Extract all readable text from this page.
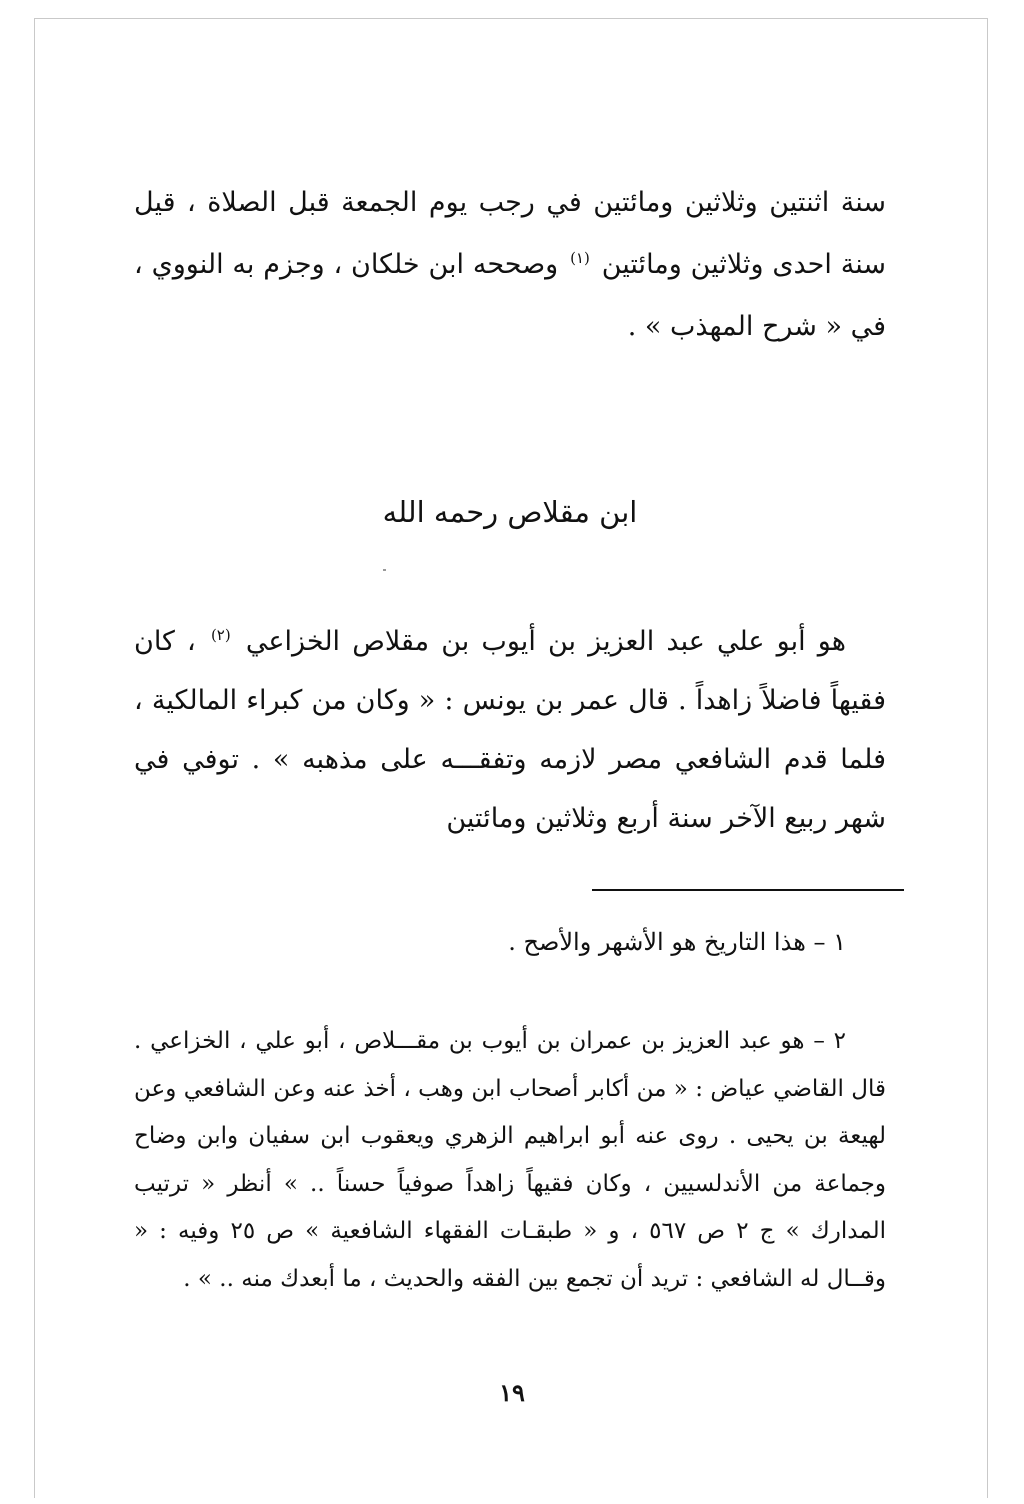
سنة اثنتين وثلاثين ومائتين في رجب يوم الجمعة قبل الصلاة ، قيل سنة احدى وثلاثين ومائتين $^{(١)}$ وصححه ابن خلكان ، وجزم به النووي ، في « شرح المهذب » .

ابن مقلاص رحمه الله

هو أبو علي عبد العزيز بن أيوب بن مقلاص الخزاعي $^{(٢)}$ ، كان فقيهاً فاضلاً زاهداً . قال عمر بن يونس : « وكان من كبراء المالكية ، فلما قدم الشافعي مصر لازمه وتفقـــه على مذهبه » . توفي في شهر ربيع الآخر سنة أربع وثلاثين ومائتين

١ – هذا التاريخ هو الأشهر والأصح .

٢ – هو عبد العزيز بن عمران بن أيوب بن مقـــلاص ، أبو علي ، الخزاعي . قال القاضي عياض : « من أكابر أصحاب ابن وهب ، أخذ عنه وعن الشافعي وعن لهيعة بن يحيى . روى عنه أبو ابراهيم الزهري ويعقوب ابن سفيان وابن وضاح وجماعة من الأندلسيين ، وكان فقيهاً زاهداً صوفياً حسناً .. » أنظر « ترتيب المدارك » ج ٢ ص ٥٦٧ ، و « طبقـات الفقهاء الشافعية » ص ٢٥ وفيه : « وقــال له الشافعي : تريد أن تجمع بين الفقه والحديث ، ما أبعدك منه .. » .

١٩
